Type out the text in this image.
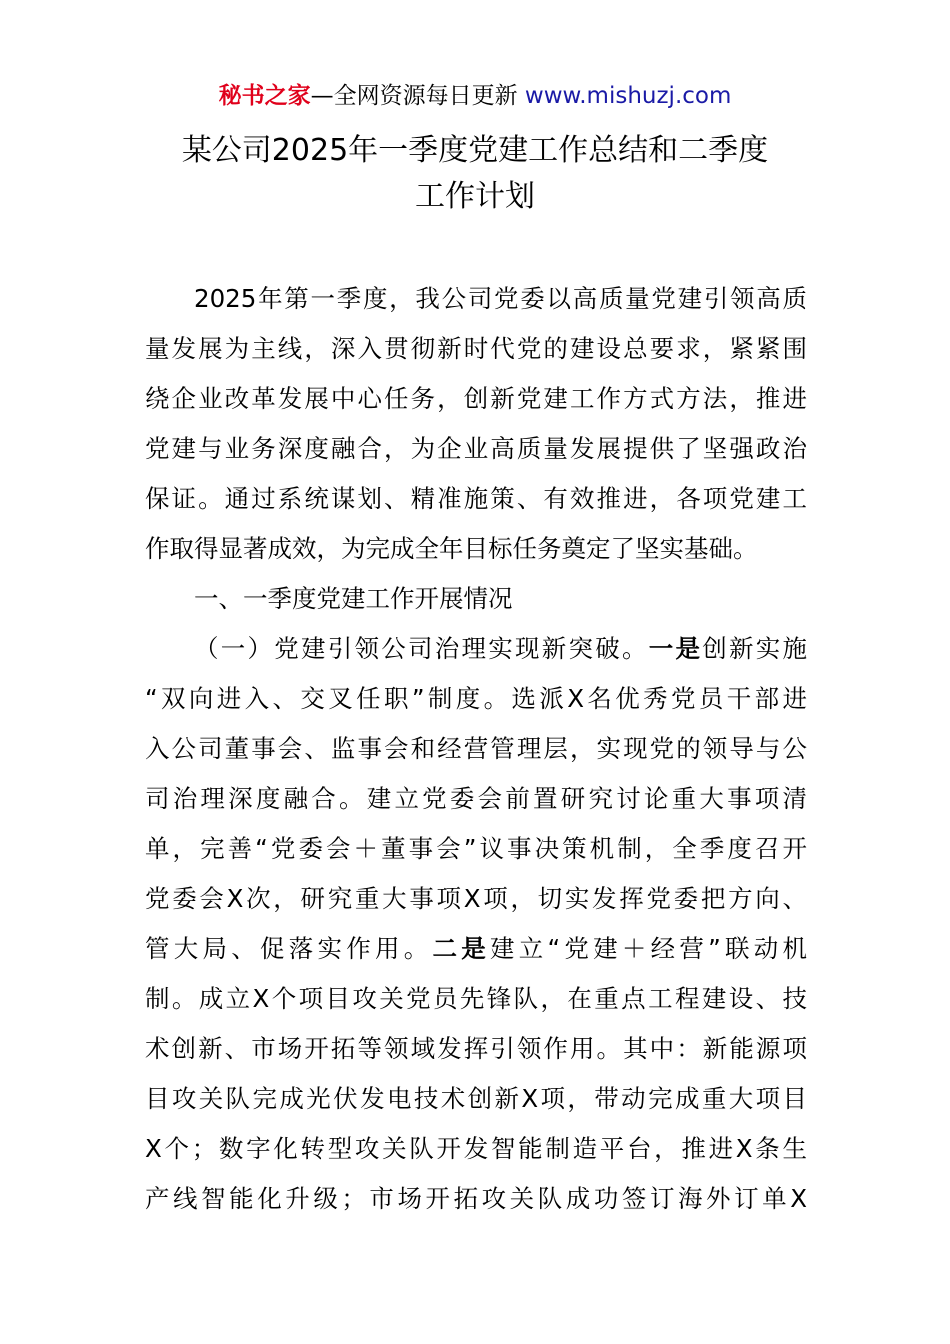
秘书之家—全网资源每日更新 www.mishuzj.com
某公司2025年一季度党建工作总结和二季度
工作计划
2025年第一季度，我公司党委以高质量党建引领高质
量发展为主线，深入贯彻新时代党的建设总要求，紧紧围
绕企业改革发展中心任务，创新党建工作方式方法，推进
党建与业务深度融合，为企业高质量发展提供了坚强政治
保证。通过系统谋划、精准施策、有效推进，各项党建工
作取得显著成效，为完成全年目标任务奠定了坚实基础。
一、一季度党建工作开展情况
（一）党建引领公司治理实现新突破。一是创新实施
“双向进入、交叉任职”制度。选派X名优秀党员干部进
入公司董事会、监事会和经营管理层，实现党的领导与公
司治理深度融合。建立党委会前置研究讨论重大事项清
单，完善“党委会＋董事会”议事决策机制，全季度召开
党委会X次，研究重大事项X项，切实发挥党委把方向、
管大局、促落实作用。二是建立“党建＋经营”联动机
制。成立X个项目攻关党员先锋队，在重点工程建设、技
术创新、市场开拓等领域发挥引领作用。其中：新能源项
目攻关队完成光伏发电技术创新X项，带动完成重大项目
X个；数字化转型攻关队开发智能制造平台，推进X条生
产线智能化升级；市场开拓攻关队成功签订海外订单X
